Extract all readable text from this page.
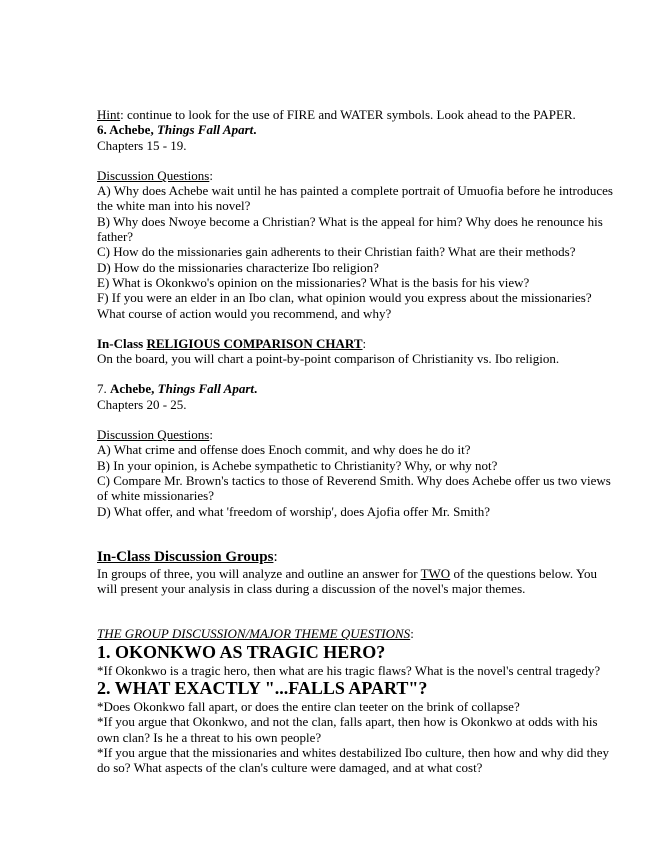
Hint: continue to look for the use of FIRE and WATER symbols. Look ahead to the PAPER.

6. Achebe, Things Fall Apart.

Chapters 15 - 19.

Discussion Questions:

A) Why does Achebe wait until he has painted a complete portrait of Umuofia before he introduces the white man into his novel?

B) Why does Nwoye become a Christian? What is the appeal for him? Why does he renounce his father?

C) How do the missionaries gain adherents to their Christian faith? What are their methods?

D) How do the missionaries characterize Ibo religion?

E) What is Okonkwo's opinion on the missionaries? What is the basis for his view?

F) If you were an elder in an Ibo clan, what opinion would you express about the missionaries? What course of action would you recommend, and why?

In-Class RELIGIOUS COMPARISON CHART:

On the board, you will chart a point-by-point comparison of Christianity vs. Ibo religion.

7. Achebe, Things Fall Apart.

Chapters 20 - 25.

Discussion Questions:

A) What crime and offense does Enoch commit, and why does he do it?

B) In your opinion, is Achebe sympathetic to Christianity? Why, or why not?

C) Compare Mr. Brown's tactics to those of Reverend Smith. Why does Achebe offer us two views of white missionaries?

D) What offer, and what 'freedom of worship', does Ajofia offer Mr. Smith?

In-Class Discussion Groups:

In groups of three, you will analyze and outline an answer for TWO of the questions below. You will present your analysis in class during a discussion of the novel's major themes.

THE GROUP DISCUSSION/MAJOR THEME QUESTIONS:

1. OKONKWO AS TRAGIC HERO?

*If Okonkwo is a tragic hero, then what are his tragic flaws? What is the novel's central tragedy?

2. WHAT EXACTLY "...FALLS APART"?

*Does Okonkwo fall apart, or does the entire clan teeter on the brink of collapse?

*If you argue that Okonkwo, and not the clan, falls apart, then how is Okonkwo at odds with his own clan? Is he a threat to his own people?

*If you argue that the missionaries and whites destabilized Ibo culture, then how and why did they do so? What aspects of the clan's culture were damaged, and at what cost?
